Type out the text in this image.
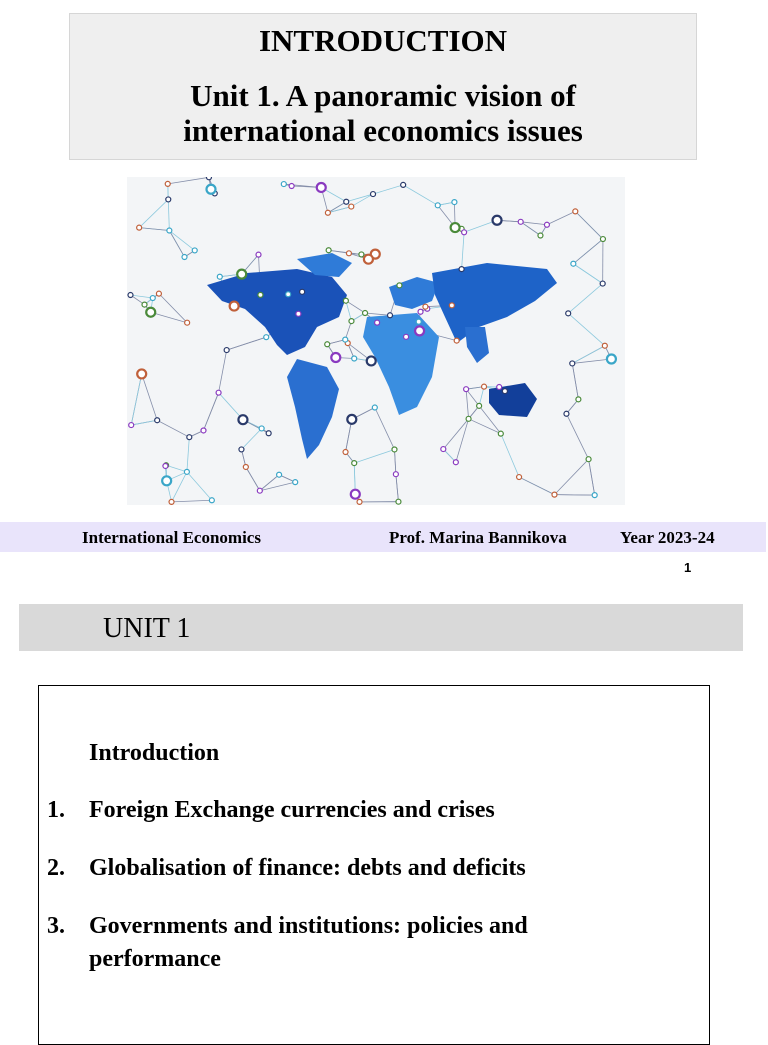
INTRODUCTION
Unit 1. A panoramic vision of international economics issues
International Economics	Prof. Marina Bannikova	Year 2023-24
1
UNIT 1
Introduction
1.	Foreign Exchange currencies and crises
2.	Globalisation of finance: debts and deficits
3.	Governments and institutions: policies and performance
